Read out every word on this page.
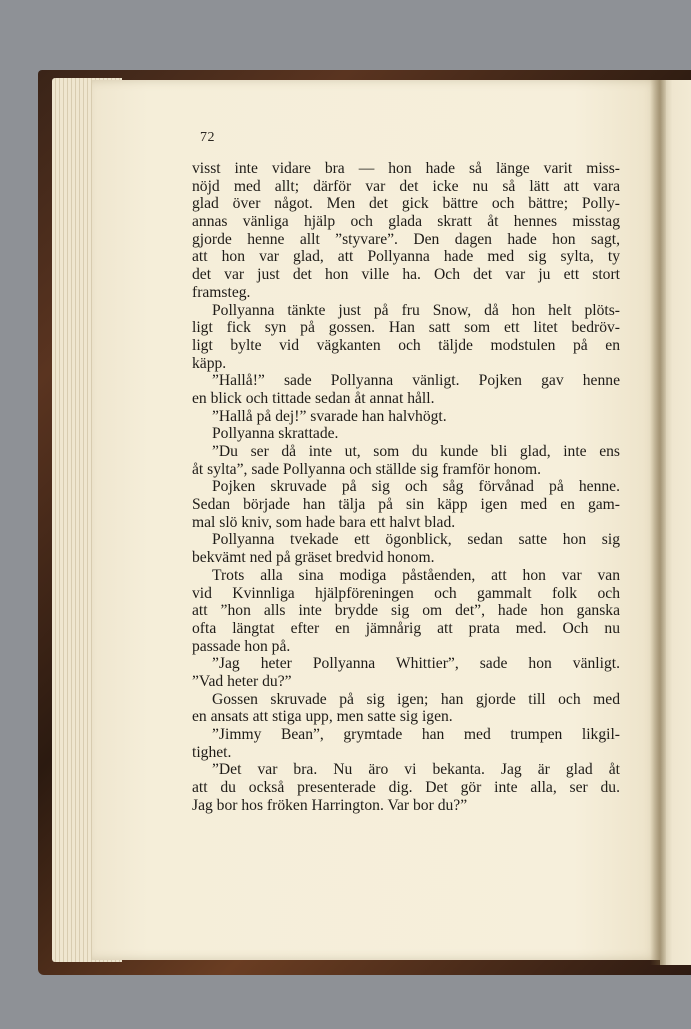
72
visst inte vidare bra — hon hade så länge varit miss-
nöjd med allt; därför var det icke nu så lätt att vara
glad över något. Men det gick bättre och bättre; Polly-
annas vänliga hjälp och glada skratt åt hennes misstag
gjorde henne allt ”styvare”. Den dagen hade hon sagt,
att hon var glad, att Pollyanna hade med sig sylta, ty
det var just det hon ville ha. Och det var ju ett stort
framsteg.
Pollyanna tänkte just på fru Snow, då hon helt plöts-
ligt fick syn på gossen. Han satt som ett litet bedröv-
ligt bylte vid vägkanten och täljde modstulen på en
käpp.
”Hallå!” sade Pollyanna vänligt. Pojken gav henne
en blick och tittade sedan åt annat håll.
”Hallå på dej!” svarade han halvhögt.
Pollyanna skrattade.
”Du ser då inte ut, som du kunde bli glad, inte ens
åt sylta”, sade Pollyanna och ställde sig framför honom.
Pojken skruvade på sig och såg förvånad på henne.
Sedan började han tälja på sin käpp igen med en gam-
mal slö kniv, som hade bara ett halvt blad.
Pollyanna tvekade ett ögonblick, sedan satte hon sig
bekvämt ned på gräset bredvid honom.
Trots alla sina modiga påståenden, att hon var van
vid Kvinnliga hjälpföreningen och gammalt folk och
att ”hon alls inte brydde sig om det”, hade hon ganska
ofta längtat efter en jämnårig att prata med. Och nu
passade hon på.
”Jag heter Pollyanna Whittier”, sade hon vänligt.
”Vad heter du?”
Gossen skruvade på sig igen; han gjorde till och med
en ansats att stiga upp, men satte sig igen.
”Jimmy Bean”, grymtade han med trumpen likgil-
tighet.
”Det var bra. Nu äro vi bekanta. Jag är glad åt
att du också presenterade dig. Det gör inte alla, ser du.
Jag bor hos fröken Harrington. Var bor du?”
